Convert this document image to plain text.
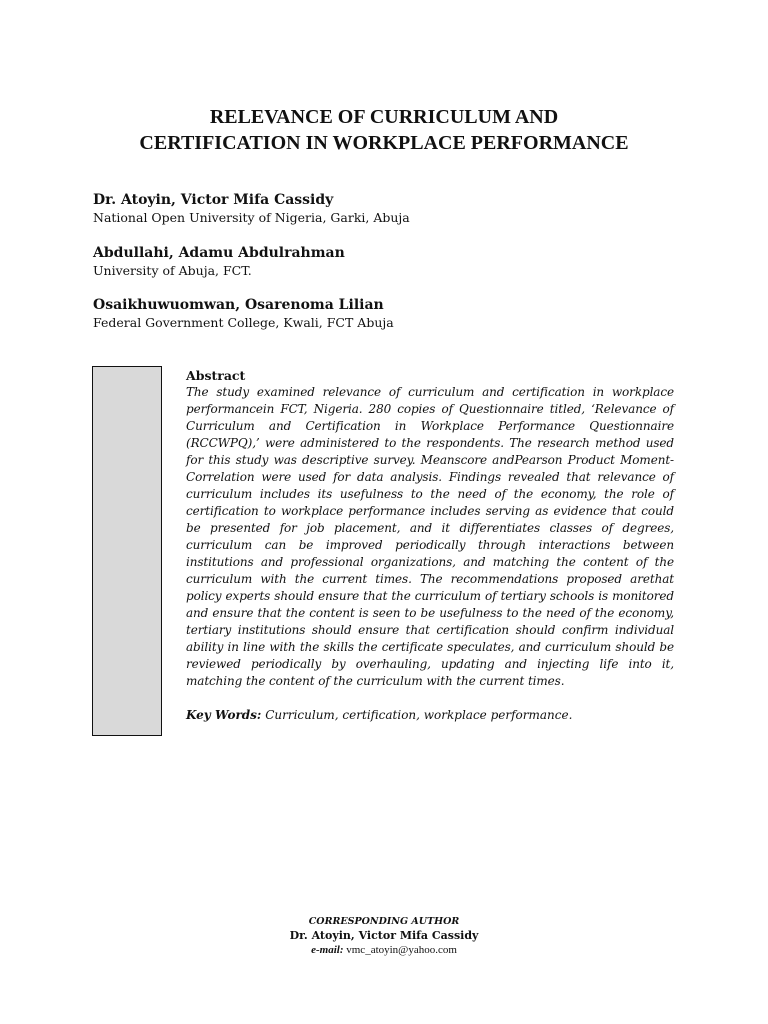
RELEVANCE OF CURRICULUM AND
CERTIFICATION IN WORKPLACE PERFORMANCE
Dr. Atoyin, Victor Mifa Cassidy
National Open University of Nigeria, Garki, Abuja
Abdullahi, Adamu Abdulrahman
University of Abuja, FCT.
Osaikhuwuomwan, Osarenoma Lilian
Federal Government College, Kwali, FCT Abuja
Abstract

The study examined relevance of curriculum and certification in workplace performancein FCT, Nigeria. 280 copies of Questionnaire titled, ‘Relevance of Curriculum and Certification in Workplace Performance Questionnaire (RCCWPQ),’ were administered to the respondents. The research method used for this study was descriptive survey. Meanscore andPearson Product Moment-Correlation were used for data analysis. Findings revealed that relevance of curriculum includes its usefulness to the need of the economy, the role of certification to workplace performance includes serving as evidence that could be presented for job placement, and it differentiates classes of degrees, curriculum can be improved periodically through interactions between institutions and professional organizations, and matching the content of the curriculum with the current times. The recommendations proposed arethat policy experts should ensure that the curriculum of tertiary schools is monitored and ensure that the content is seen to be usefulness to the need of the economy, tertiary institutions should ensure that certification should confirm individual ability in line with the skills the certificate speculates, and curriculum should be reviewed periodically by overhauling, updating and injecting life into it, matching the content of the curriculum with the current times.

Key Words: Curriculum, certification, workplace performance.
CORRESPONDING AUTHOR
Dr. Atoyin, Victor Mifa Cassidy
e-mail: vmc_atoyin@yahoo.com
